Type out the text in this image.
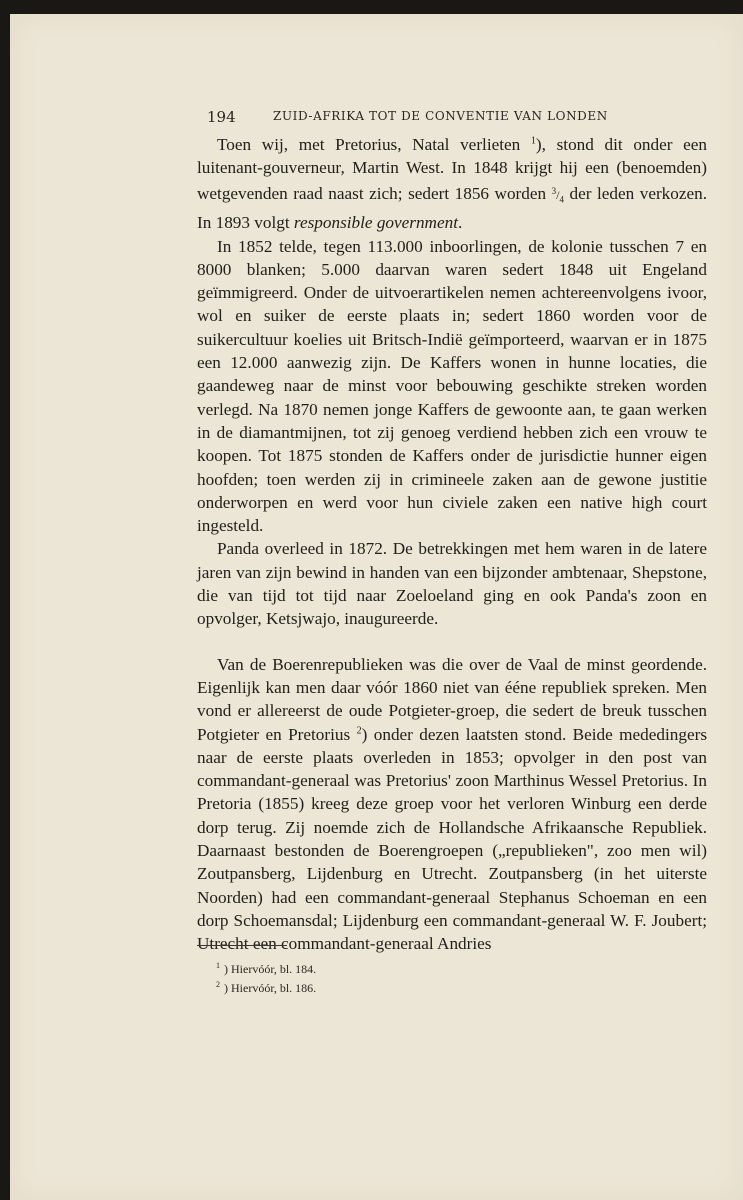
194	ZUID-AFRIKA TOT DE CONVENTIE VAN LONDEN

Toen wij, met Pretorius, Natal verlieten $^1$), stond dit onder een luitenant-gouverneur, Martin West. In 1848 krijgt hij een (benoemden) wetgevenden raad naast zich; sedert 1856 worden $^3/_4$ der leden verkozen. In 1893 volgt responsible government.

In 1852 telde, tegen 113.000 inboorlingen, de kolonie tusschen 7 en 8000 blanken; 5.000 daarvan waren sedert 1848 uit Engeland geïmmigreerd. Onder de uitvoerartikelen nemen achtereenvolgens ivoor, wol en suiker de eerste plaats in; sedert 1860 worden voor de suikercultuur koelies uit Britsch-Indië geïmporteerd, waarvan er in 1875 een 12.000 aanwezig zijn. De Kaffers wonen in hunne locaties, die gaandeweg naar de minst voor bebouwing geschikte streken worden verlegd. Na 1870 nemen jonge Kaffers de gewoonte aan, te gaan werken in de diamantmijnen, tot zij genoeg verdiend hebben zich een vrouw te koopen. Tot 1875 stonden de Kaffers onder de jurisdictie hunner eigen hoofden; toen werden zij in crimineele zaken aan de gewone justitie onderworpen en werd voor hun civiele zaken een native high court ingesteld.

Panda overleed in 1872. De betrekkingen met hem waren in de latere jaren van zijn bewind in handen van een bijzonder ambtenaar, Shepstone, die van tijd tot tijd naar Zoeloeland ging en ook Panda's zoon en opvolger, Ketsjwajo, inaugureerde.

Van de Boerenrepublieken was die over de Vaal de minst geordende. Eigenlijk kan men daar vóór 1860 niet van ééne republiek spreken. Men vond er allereerst de oude Potgieter-groep, die sedert de breuk tusschen Potgieter en Pretorius $^2$) onder dezen laatsten stond. Beide mededingers naar de eerste plaats overleden in 1853; opvolger in den post van commandant-generaal was Pretorius' zoon Marthinus Wessel Pretorius. In Pretoria (1855) kreeg deze groep voor het verloren Winburg een derde dorp terug. Zij noemde zich de Hollandsche Afrikaansche Republiek. Daarnaast bestonden de Boerengroepen („republieken", zoo men wil) Zoutpansberg, Lijdenburg en Utrecht. Zoutpansberg (in het uiterste Noorden) had een commandant-generaal Stephanus Schoeman en een dorp Schoemansdal; Lijdenburg een commandant-generaal W. F. Joubert; Utrecht een commandant-generaal Andries

$^1$ ) Hiervóór, bl. 184.
$^2$ ) Hiervóór, bl. 186.
